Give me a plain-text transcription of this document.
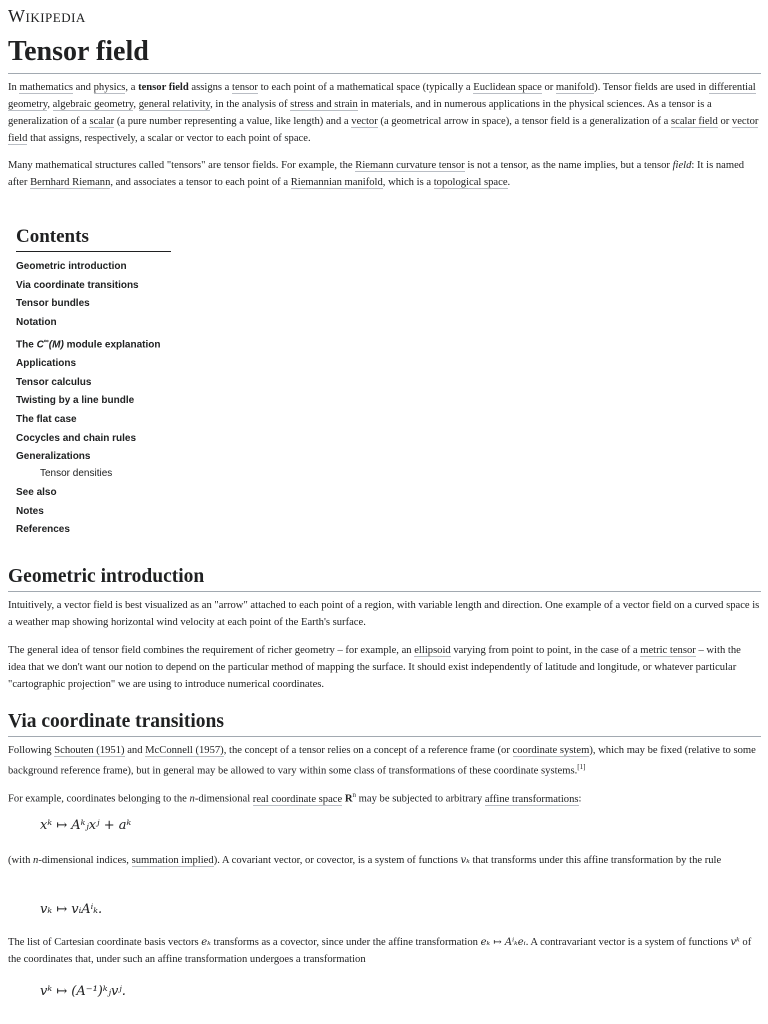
Wikipedia
Tensor field

In mathematics and physics, a tensor field assigns a tensor to each point of a mathematical space (typically a Euclidean space or manifold). Tensor fields are used in differential geometry, algebraic geometry, general relativity, in the analysis of stress and strain in materials, and in numerous applications in the physical sciences. As a tensor is a generalization of a scalar (a pure number representing a value, like length) and a vector (a geometrical arrow in space), a tensor field is a generalization of a scalar field or vector field that assigns, respectively, a scalar or vector to each point of space.

Many mathematical structures called "tensors" are tensor fields. For example, the Riemann curvature tensor is not a tensor, as the name implies, but a tensor field: It is named after Bernhard Riemann, and associates a tensor to each point of a Riemannian manifold, which is a topological space.

Contents
Geometric introduction
Via coordinate transitions
Tensor bundles
Notation
The C∞(M) module explanation
Applications
Tensor calculus
Twisting by a line bundle
The flat case
Cocycles and chain rules
Generalizations
Tensor densities
See also
Notes
References
Geometric introduction

Intuitively, a vector field is best visualized as an "arrow" attached to each point of a region, with variable length and direction. One example of a vector field on a curved space is a weather map showing horizontal wind velocity at each point of the Earth's surface.

The general idea of tensor field combines the requirement of richer geometry – for example, an ellipsoid varying from point to point, in the case of a metric tensor – with the idea that we don't want our notion to depend on the particular method of mapping the surface. It should exist independently of latitude and longitude, or whatever particular "cartographic projection" we are using to introduce numerical coordinates.

Via coordinate transitions

Following Schouten (1951) and McConnell (1957), the concept of a tensor relies on a concept of a reference frame (or coordinate system), which may be fixed (relative to some background reference frame), but in general may be allowed to vary within some class of transformations of these coordinate systems.[1]

For example, coordinates belonging to the n-dimensional real coordinate space $R^n$ may be subjected to arbitrary affine transformations:

xᵏ ↦ Aᵏⱼxʲ + aᵏ

(with n-dimensional indices, summation implied). A covariant vector, or covector, is a system of functions vₖ that transforms under this affine transformation by the rule

vₖ ↦ vᵢAⁱₖ.

The list of Cartesian coordinate basis vectors eₖ transforms as a covector, since under the affine transformation eₖ ↦ Aⁱₖeᵢ. A contravariant vector is a system of functions vᵏ of the coordinates that, under such an affine transformation undergoes a transformation

vᵏ ↦ (A⁻¹)ᵏⱼvʲ.
